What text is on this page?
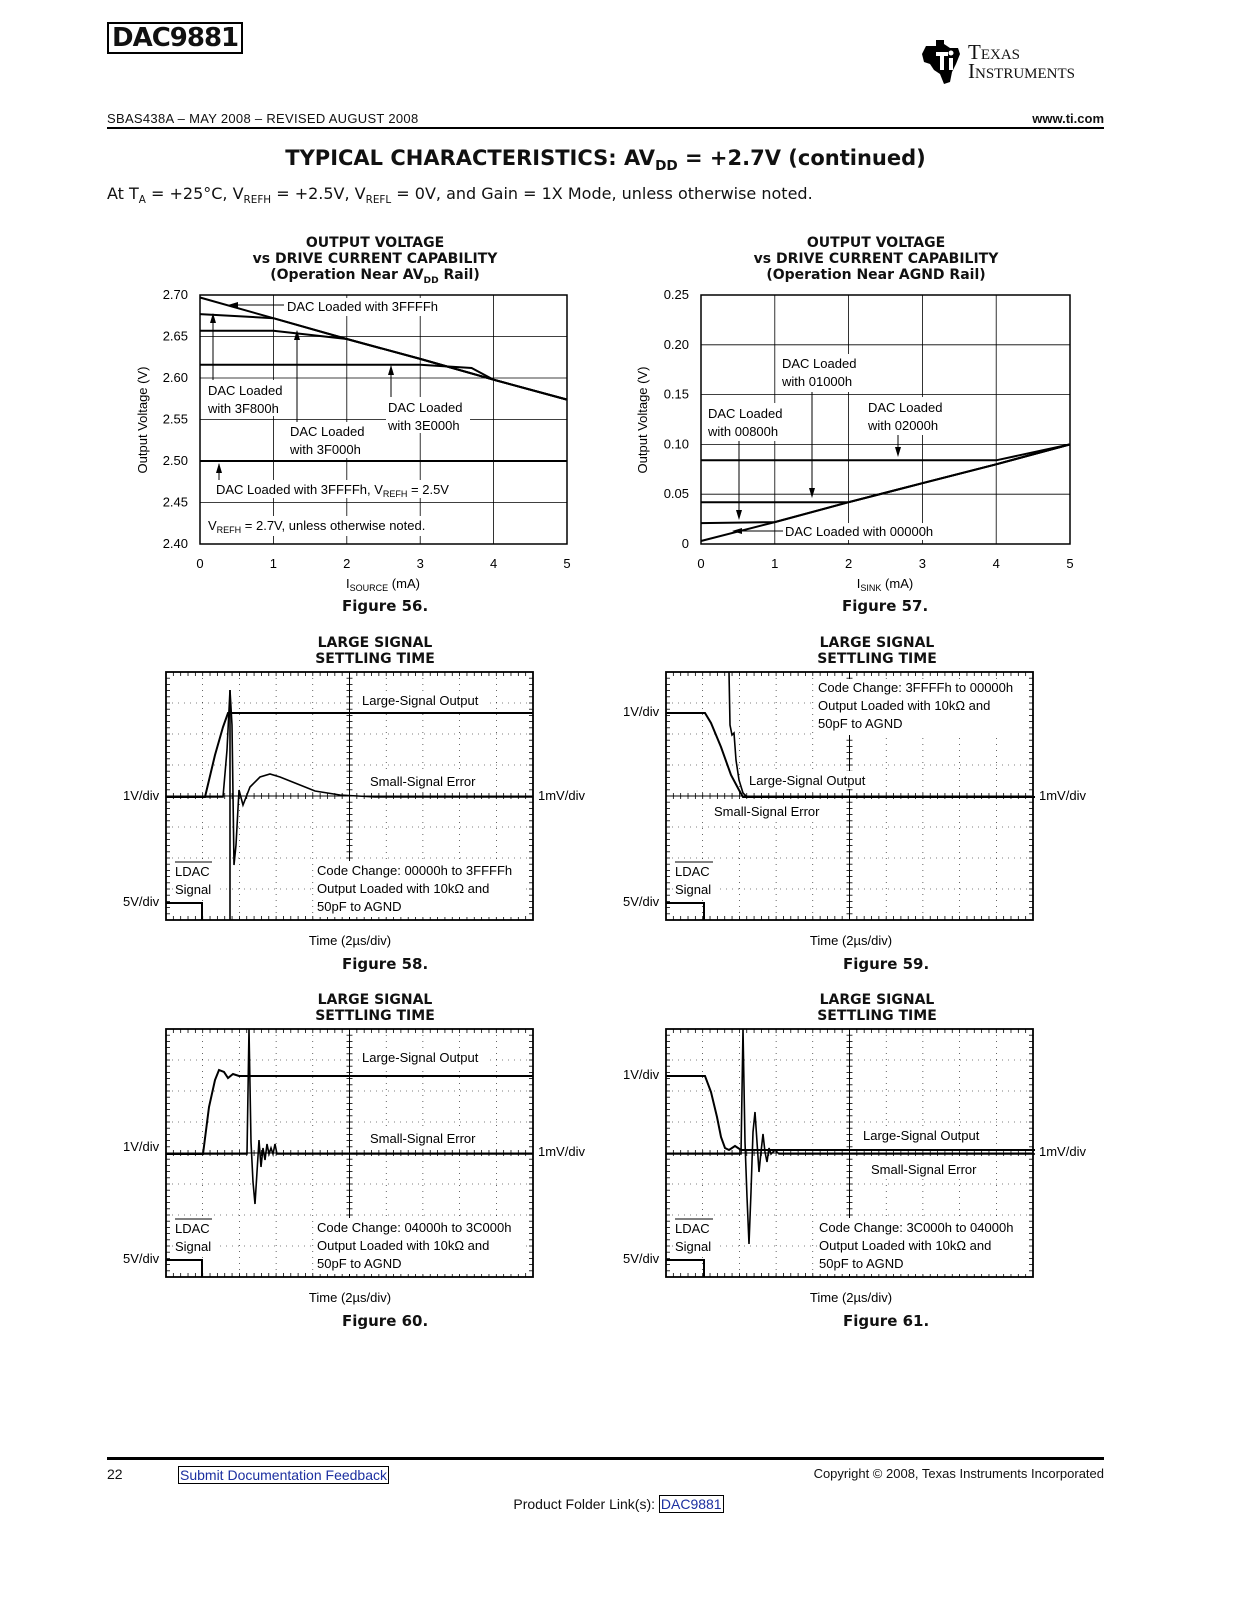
DAC9881	Texas
Instruments
SBAS438A – MAY 2008 – REVISED AUGUST 2008	www.ti.com
TYPICAL CHARACTERISTICS: $AV_{DD} = +2.7V$ (continued)
At $T_A = +25^\circ C$, $V_{REFH} = +2.5V$, $V_{REFL} = 0V$, and Gain = 1X Mode, unless otherwise noted.
OUTPUT VOLTAGE
vs DRIVE CURRENT CAPABILITY
(Operation Near $AV_{DD}$ Rail)
2.70
2.65
2.60
2.55
2.50
2.45
2.40
0	1	2	3	4	5
Output Voltage (V)
$I_{SOURCE}$ (mA)
DAC Loaded with 3FFFFh
DAC Loaded
with 3F800h	DAC Loaded
with 3E000h
DAC Loaded
with 3F000h
DAC Loaded with 3FFFFh, $V_{REFH} = 2.5V$
$V_{REFH} = 2.7V$, unless otherwise noted.
Figure 56.
OUTPUT VOLTAGE
vs DRIVE CURRENT CAPABILITY
(Operation Near AGND Rail)
0.25
0.20
0.15
0.10
0.05
0
0	1	2	3	4	5
Output Voltage (V)
$I_{SINK}$ (mA)
DAC Loaded
with 01000h
DAC Loaded
with 00800h
DAC Loaded
with 02000h
DAC Loaded with 00000h
Figure 57.
LARGE SIGNAL
SETTLING TIME
Large-Signal Output
Small-Signal Error
LDAC
Signal
Code Change: 00000h to 3FFFFh
Output Loaded with 10kΩ and
50pF to AGND
1V/div
5V/div
1mV/div
Time (2µs/div)
Figure 58.
LARGE SIGNAL
SETTLING TIME
Code Change: 3FFFFh to 00000h
Output Loaded with 10kΩ and
50pF to AGND
Large-Signal Output
Small-Signal Error
LDAC
Signal
1V/div
5V/div
1mV/div
Time (2µs/div)
Figure 59.
LARGE SIGNAL
SETTLING TIME
Large-Signal Output
Small-Signal Error
LDAC
Signal
Code Change: 04000h to 3C000h
Output Loaded with 10kΩ and
50pF to AGND
1V/div
5V/div
1mV/div
Time (2µs/div)
Figure 60.
LARGE SIGNAL
SETTLING TIME
Large-Signal Output
Small-Signal Error
LDAC
Signal
Code Change: 3C000h to 04000h
Output Loaded with 10kΩ and
50pF to AGND
1V/div
5V/div
1mV/div
Time (2µs/div)
Figure 61.
22	Submit Documentation Feedback	Copyright © 2008, Texas Instruments Incorporated
Product Folder Link(s): DAC9881
